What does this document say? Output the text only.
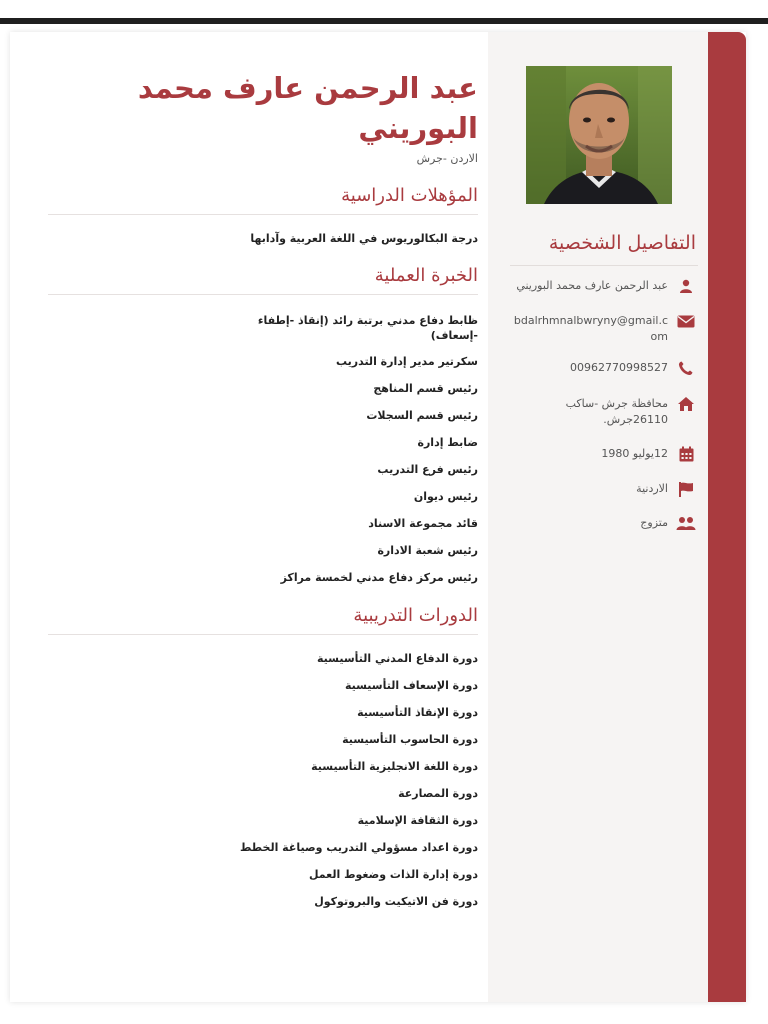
التفاصيل الشخصية
عبد الرحمن عارف محمد البوريني
bdalrhmnalbwryny@gmail.com
00962770998527
محافظة جرش -ساكب 26110جرش.
12يوليو 1980
الاردنية
متزوج
عبد الرحمن عارف محمد البوريني
الاردن -جرش
المؤهلات الدراسية
درجة البكالوريوس في اللغة العربية وآدابها
الخبرة العملية
ظابط دفاع مدني برتبة رائد (إنقاذ -إطفاء -إسعاف)
سكرتير مدير إدارة التدريب
رئيس قسم المناهج
رئيس قسم السجلات
ضابط إدارة
رئيس فرع التدريب
رئيس ديوان
قائد مجموعة الاسناد
رئيس شعبة الادارة
رئيس مركز دفاع مدني لخمسة مراكز
الدورات التدريبية
دورة الدفاع المدني التأسيسية
دورة الإسعاف التأسيسية
دورة الإنقاذ التأسيسية
دورة الحاسوب التأسيسية
دورة اللغة الانجليزية التأسيسية
دورة المصارعة
دورة الثقافة الإسلامية
دورة اعداد مسؤولي التدريب وصياغة الخطط
دورة إدارة الذات وضغوط العمل
دورة فن الاتيكيت والبروتوكول
